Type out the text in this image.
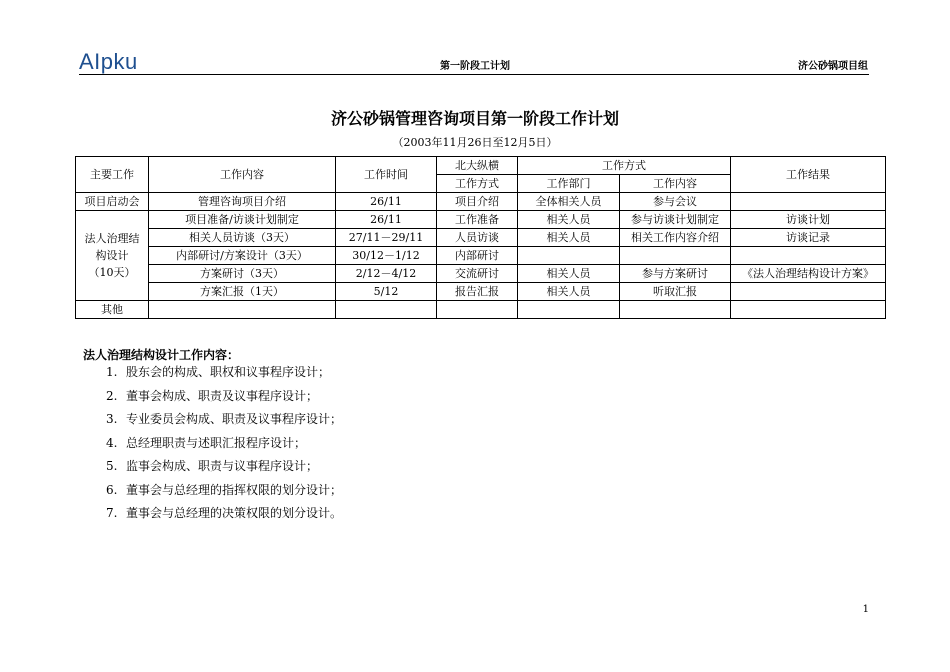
AIpku	第一阶段工计划	济公砂锅项目组
济公砂锅管理咨询项目第一阶段工作计划
（2003年11月26日至12月5日）
主要工作	工作内容	工作时间	北大纵横	工作方式		工作结果
			工作方式	工作部门	工作内容	
项目启动会	管理咨询项目介绍	26/11	项目介绍	全体相关人员	参与会议	

法人治理结
构设计
（10天）	项目准备/访谈计划制定	26/11	工作准备	相关人员	参与访谈计划制定	访谈计划
	相关人员访谈（3天）	27/11－29/11	人员访谈	相关人员	相关工作内容介绍	访谈记录
	内部研讨/方案设计（3天）	30/12－1/12	内部研讨			
	方案研讨（3天）	2/12－4/12	交流研讨	相关人员	参与方案研讨	《法人治理结构设计方案》
	方案汇报（1天）	5/12	报告汇报	相关人员	听取汇报	
其他						
法人治理结构设计工作内容：
1. 股东会的构成、职权和议事程序设计；
2. 董事会构成、职责及议事程序设计；
3. 专业委员会构成、职责及议事程序设计；
4. 总经理职责与述职汇报程序设计；
5. 监事会构成、职责与议事程序设计；
6. 董事会与总经理的指挥权限的划分设计；
7. 董事会与总经理的决策权限的划分设计。
1
